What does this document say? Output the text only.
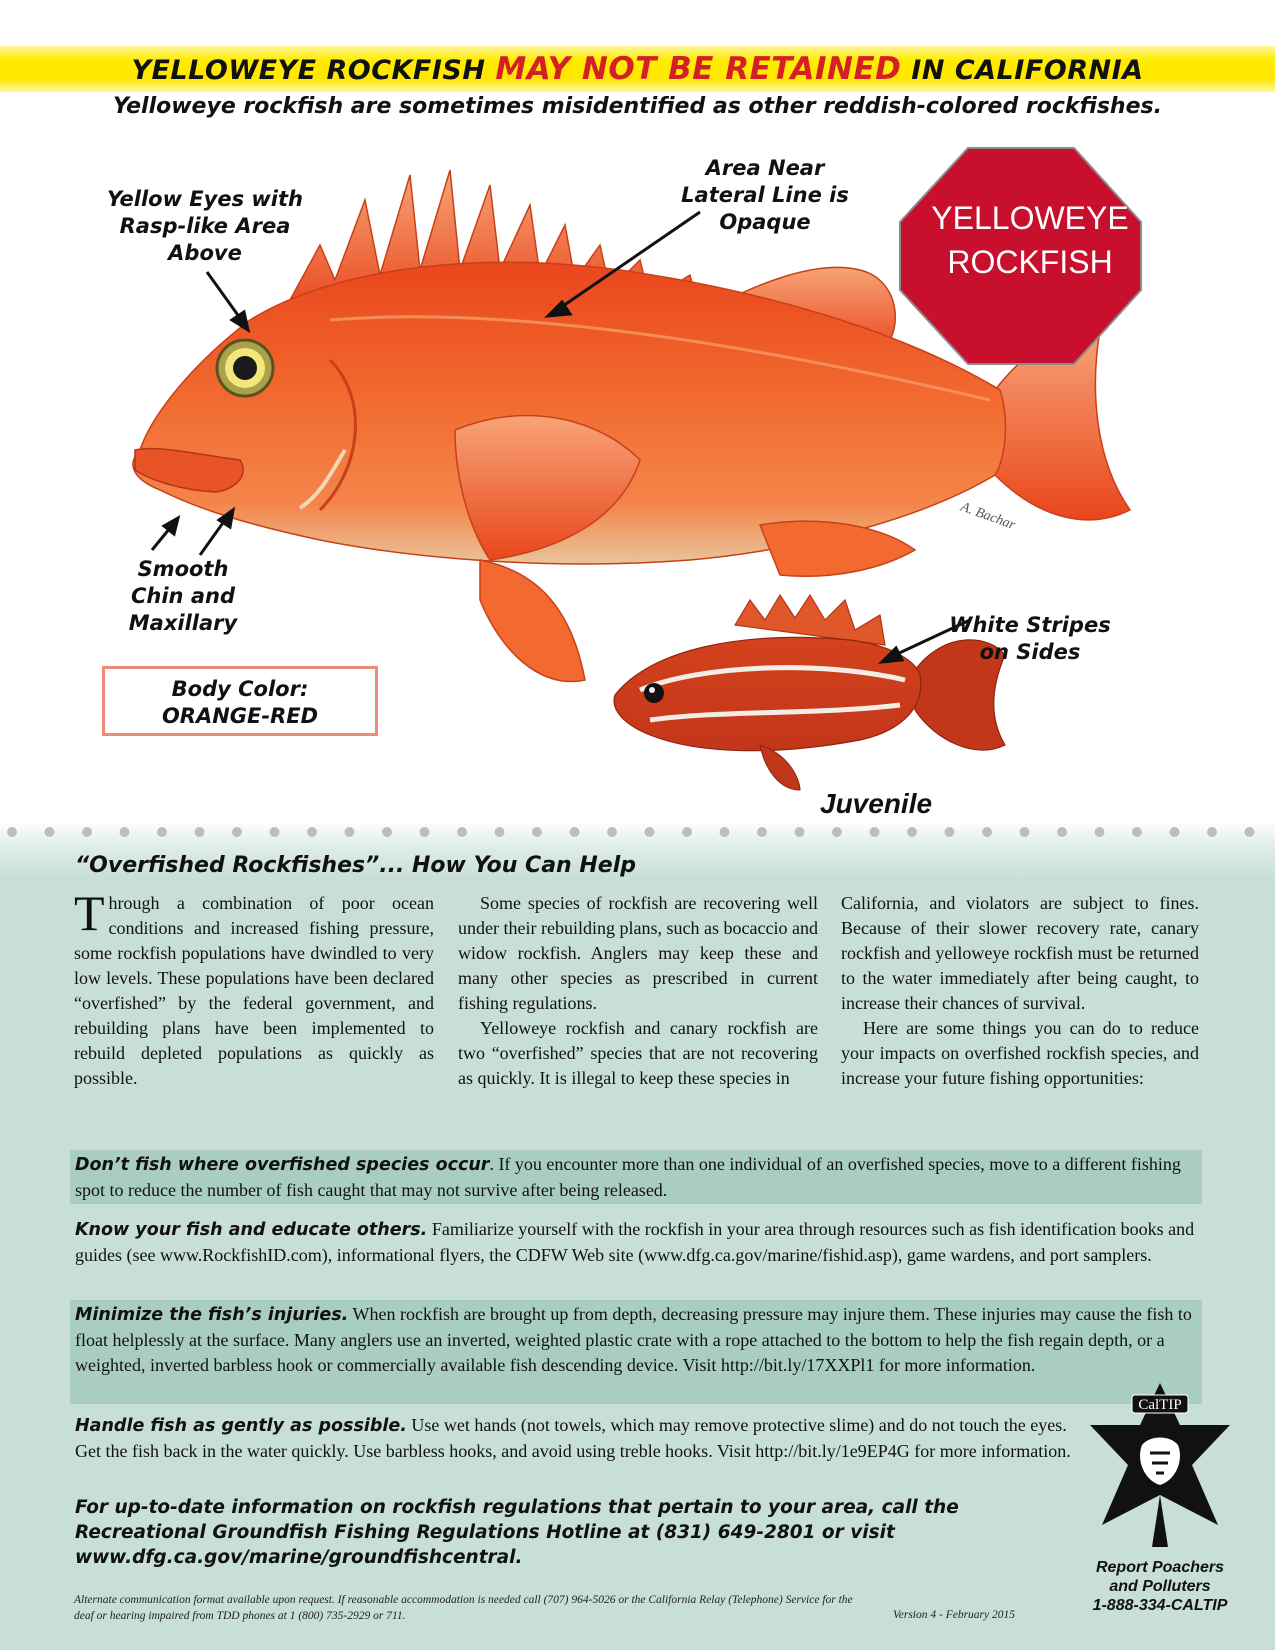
YELLOWEYE ROCKFISH MAY NOT BE RETAINED IN CALIFORNIA
Yelloweye rockfish are sometimes misidentified as other reddish-colored rockfishes.
A. Bachar
YELLOWEYE
ROCKFISH
Yellow Eyes with
Rasp-like Area
Above
Area Near
Lateral Line is
Opaque
Smooth
Chin and
Maxillary	White Stripes
on Sides
Body Color:
ORANGE-RED
Juvenile
“Overfished Rockfishes”... How You Can Help
Through a combination of poor ocean conditions and increased fishing pressure, some rockfish populations have dwindled to very low levels. These populations have been declared “overfished” by the federal government, and rebuilding plans have been implemented to rebuild depleted populations as quickly as possible.
Some species of rockfish are recovering well under their rebuilding plans, such as bocaccio and widow rockfish. Anglers may keep these and many other species as prescribed in current fishing regulations.
Yelloweye rockfish and canary rockfish are two “overfished” species that are not recovering as quickly. It is illegal to keep these species in
California, and violators are subject to fines. Because of their slower recovery rate, canary rockfish and yelloweye rockfish must be returned to the water immediately after being caught, to increase their chances of survival.
Here are some things you can do to reduce your impacts on overfished rockfish species, and increase your future fishing opportunities:
Don’t fish where overfished species occur. If you encounter more than one individual of an overfished species, move to a different fishing spot to reduce the number of fish caught that may not survive after being released.
Know your fish and educate others. Familiarize yourself with the rockfish in your area through resources such as fish identification books and guides (see www.RockfishID.com), informational flyers, the CDFW Web site (www.dfg.ca.gov/marine/fishid.asp), game wardens, and port samplers.
Minimize the fish’s injuries. When rockfish are brought up from depth, decreasing pressure may injure them. These injuries may cause the fish to float helplessly at the surface. Many anglers use an inverted, weighted plastic crate with a rope attached to the bottom to help the fish regain depth, or a weighted, inverted barbless hook or commercially available fish descending device. Visit http://bit.ly/17XXPl1 for more information.
Handle fish as gently as possible. Use wet hands (not towels, which may remove protective slime) and do not touch the eyes. Get the fish back in the water quickly. Use barbless hooks, and avoid using treble hooks. Visit http://bit.ly/1e9EP4G for more information.
For up-to-date information on rockfish regulations that pertain to your area, call the Recreational Groundfish Fishing Regulations Hotline at (831) 649-2801 or visit www.dfg.ca.gov/marine/groundfishcentral.
Alternate communication format available upon request. If reasonable accommodation is needed call (707) 964-5026 or the California Relay (Telephone) Service for the deaf or hearing impaired from TDD phones at 1 (800) 735-2929 or 711.	Version 4 - February 2015
CalTIP
Report Poachers
and Polluters
1-888-334-CALTIP
